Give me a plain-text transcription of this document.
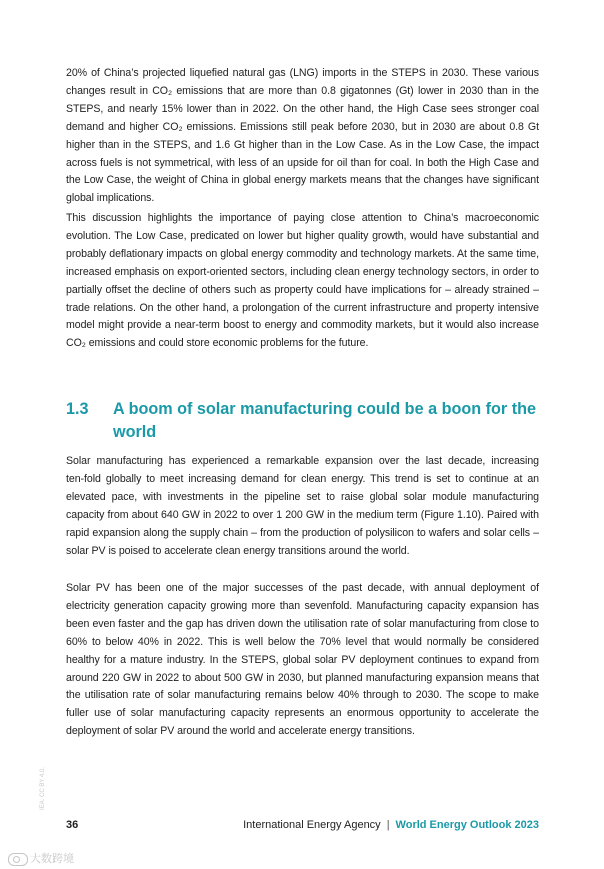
20% of China’s projected liquefied natural gas (LNG) imports in the STEPS in 2030. These various changes result in CO₂ emissions that are more than 0.8 gigatonnes (Gt) lower in 2030 than in the STEPS, and nearly 15% lower than in 2022. On the other hand, the High Case sees stronger coal demand and higher CO₂ emissions. Emissions still peak before 2030, but in 2030 are about 0.8 Gt higher than in the STEPS, and 1.6 Gt higher than in the Low Case. As in the Low Case, the impact across fuels is not symmetrical, with less of an upside for oil than for coal. In both the High Case and the Low Case, the weight of China in global energy markets means that the changes have significant global implications.

This discussion highlights the importance of paying close attention to China’s macroeconomic evolution. The Low Case, predicated on lower but higher quality growth, would have substantial and probably deflationary impacts on global energy commodity and technology markets. At the same time, increased emphasis on export‑oriented sectors, including clean energy technology sectors, in order to partially offset the decline of others such as property could have implications for – already strained – trade relations. On the other hand, a prolongation of the current infrastructure and property intensive model might provide a near‑term boost to energy and commodity markets, but it would also increase CO₂ emissions and could store economic problems for the future.

1.3 A boom of solar manufacturing could be a boon for the world

Solar manufacturing has experienced a remarkable expansion over the last decade, increasing ten‑fold globally to meet increasing demand for clean energy. This trend is set to continue at an elevated pace, with investments in the pipeline set to raise global solar module manufacturing capacity from about 640 GW in 2022 to over 1 200 GW in the medium term (Figure 1.10). Paired with rapid expansion along the supply chain – from the production of polysilicon to wafers and solar cells – solar PV is poised to accelerate clean energy transitions around the world.

Solar PV has been one of the major successes of the past decade, with annual deployment of electricity generation capacity growing more than sevenfold. Manufacturing capacity expansion has been even faster and the gap has driven down the utilisation rate of solar manufacturing from close to 60% to below 40% in 2022. This is well below the 70% level that would normally be considered healthy for a mature industry. In the STEPS, global solar PV deployment continues to expand from around 220 GW in 2022 to about 500 GW in 2030, but planned manufacturing expansion means that the utilisation rate of solar manufacturing remains below 40% through to 2030. The scope to make fuller use of solar manufacturing capacity represents an enormous opportunity to accelerate the deployment of solar PV around the world and accelerate energy transitions.

IEA. CC BY 4.0.
36	International Energy Agency | World Energy Outlook 2023
大数跨境
